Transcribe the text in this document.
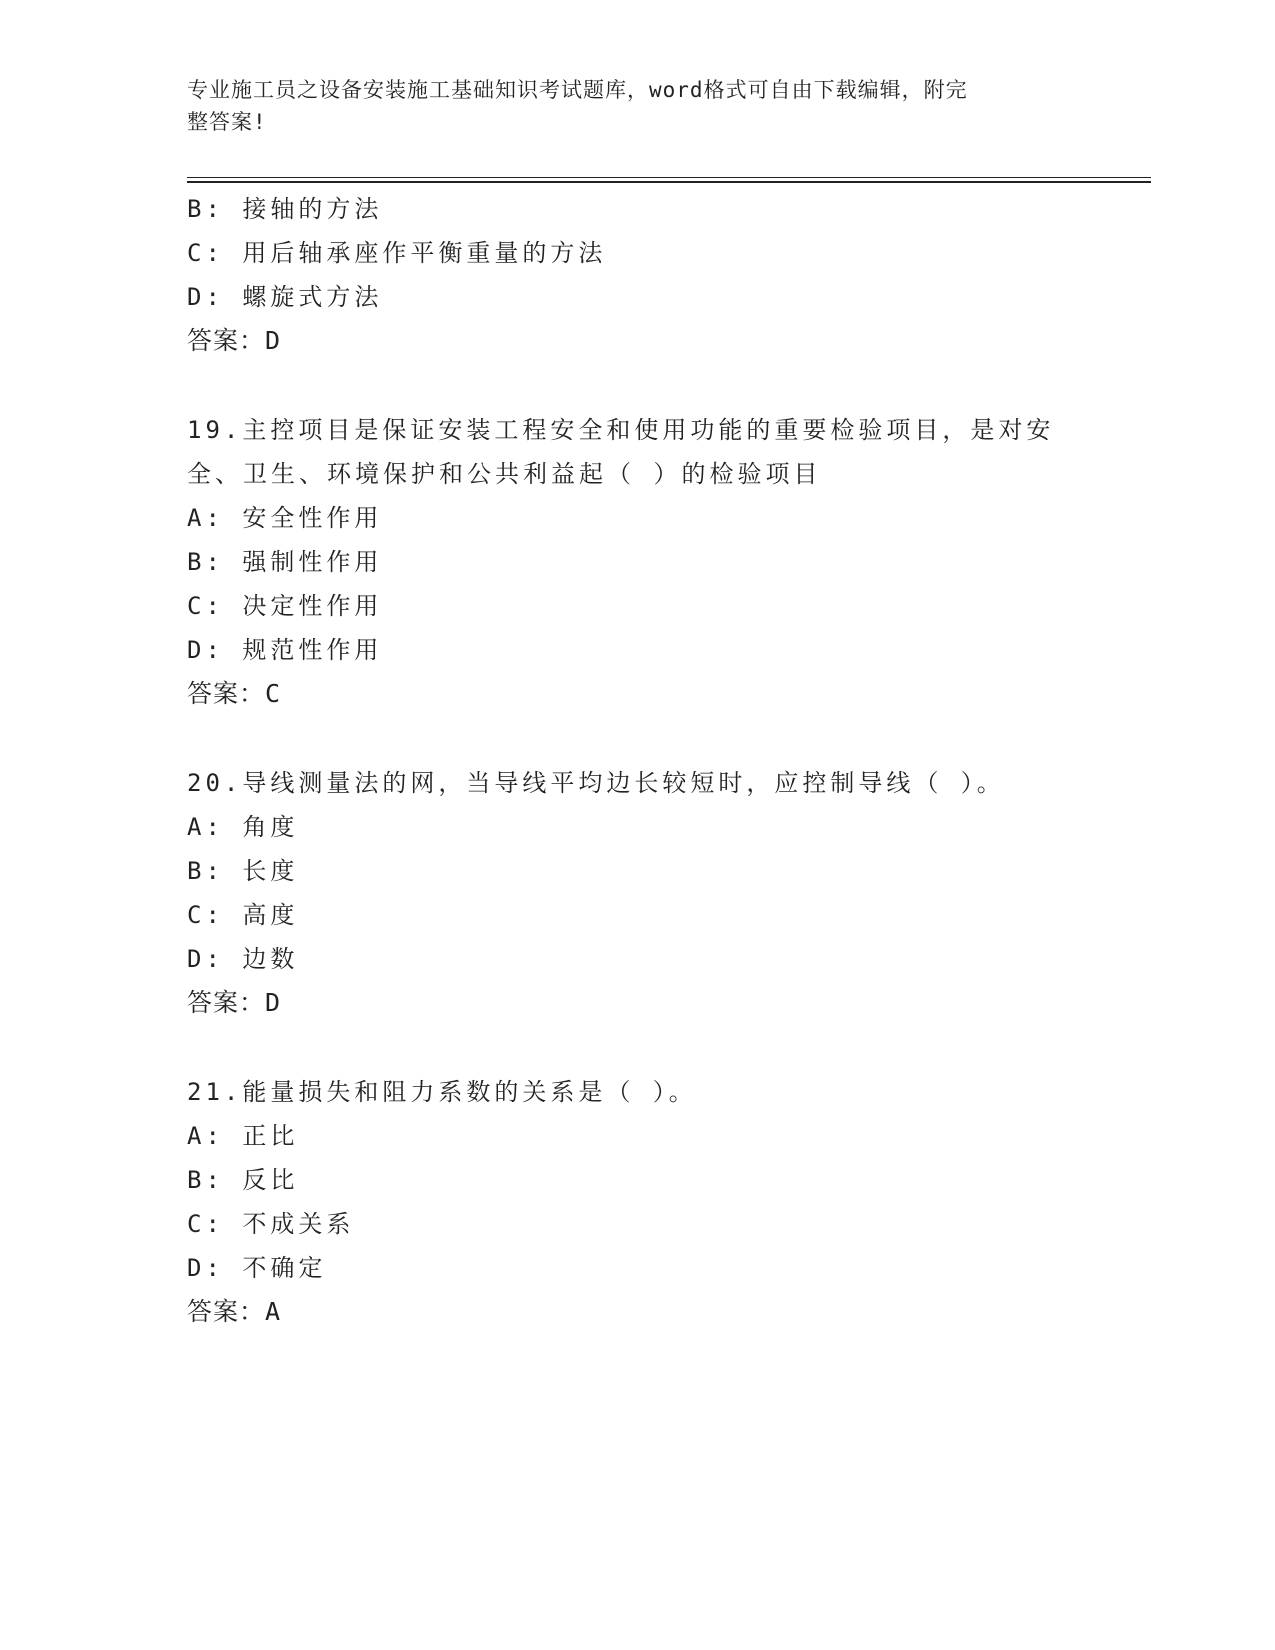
专业施工员之设备安装施工基础知识考试题库，word格式可自由下载编辑，附完
整答案!
B: 接轴的方法
C: 用后轴承座作平衡重量的方法
D: 螺旋式方法
答案：D
19.主控项目是保证安装工程安全和使用功能的重要检验项目，是对安
全、卫生、环境保护和公共利益起（ ）的检验项目
A: 安全性作用
B: 强制性作用
C: 决定性作用
D: 规范性作用
答案：C
20.导线测量法的网，当导线平均边长较短时，应控制导线（ ）。
A: 角度
B: 长度
C: 高度
D: 边数
答案：D
21.能量损失和阻力系数的关系是（ ）。
A: 正比
B: 反比
C: 不成关系
D: 不确定
答案：A
